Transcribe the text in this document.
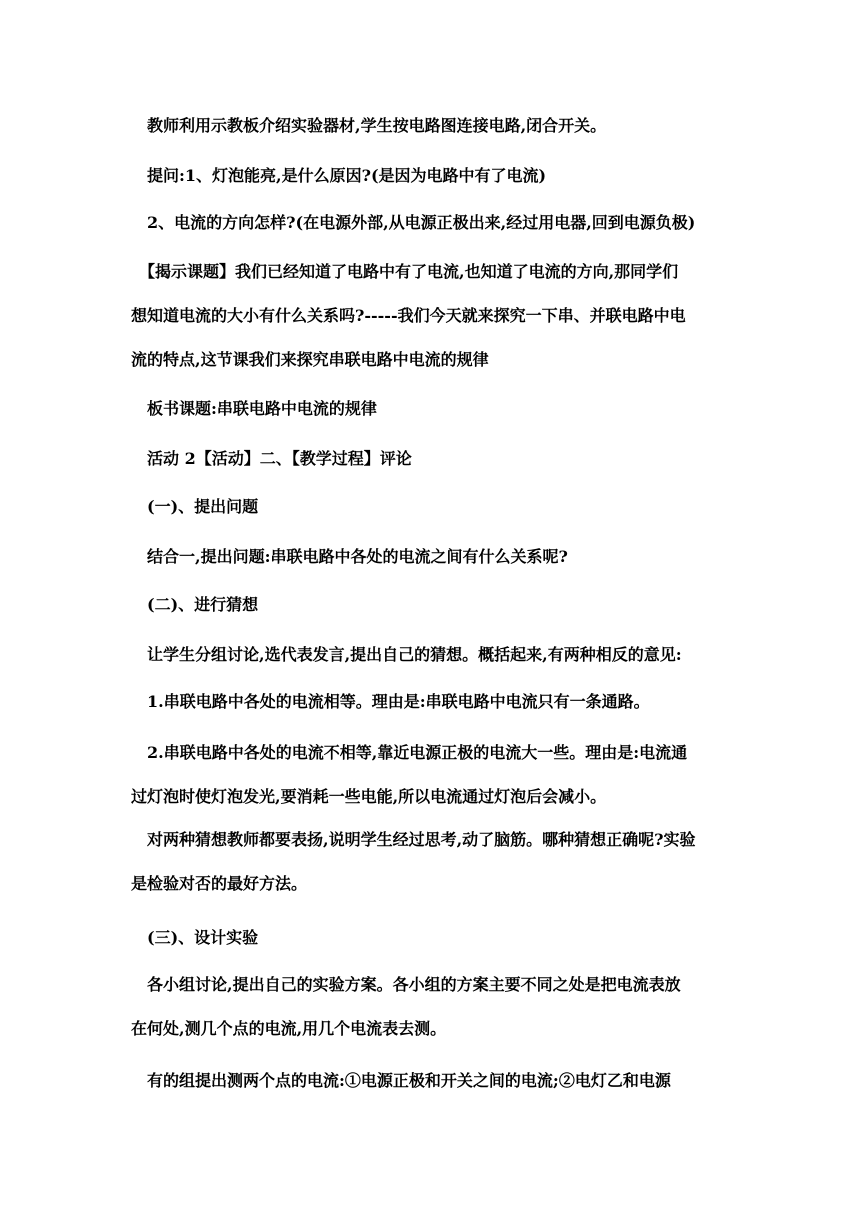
教师利用示教板介绍实验器材,学生按电路图连接电路,闭合开关。
提问:1、灯泡能亮,是什么原因?(是因为电路中有了电流)
2、电流的方向怎样?(在电源外部,从电源正极出来,经过用电器,回到电源负极)
【揭示课题】我们已经知道了电路中有了电流,也知道了电流的方向,那同学们
想知道电流的大小有什么关系吗?-----我们今天就来探究一下串、并联电路中电
流的特点,这节课我们来探究串联电路中电流的规律
板书课题:串联电路中电流的规律
活动 2【活动】二、【教学过程】评论
(一)、提出问题
结合一,提出问题:串联电路中各处的电流之间有什么关系呢?
(二)、进行猜想
让学生分组讨论,选代表发言,提出自己的猜想。概括起来,有两种相反的意见:
1.串联电路中各处的电流相等。理由是:串联电路中电流只有一条通路。
2.串联电路中各处的电流不相等,靠近电源正极的电流大一些。理由是:电流通
过灯泡时使灯泡发光,要消耗一些电能,所以电流通过灯泡后会减小。
对两种猜想教师都要表扬,说明学生经过思考,动了脑筋。哪种猜想正确呢?实验
是检验对否的最好方法。
(三)、设计实验
各小组讨论,提出自己的实验方案。各小组的方案主要不同之处是把电流表放
在何处,测几个点的电流,用几个电流表去测。
有的组提出测两个点的电流:①电源正极和开关之间的电流;②电灯乙和电源
